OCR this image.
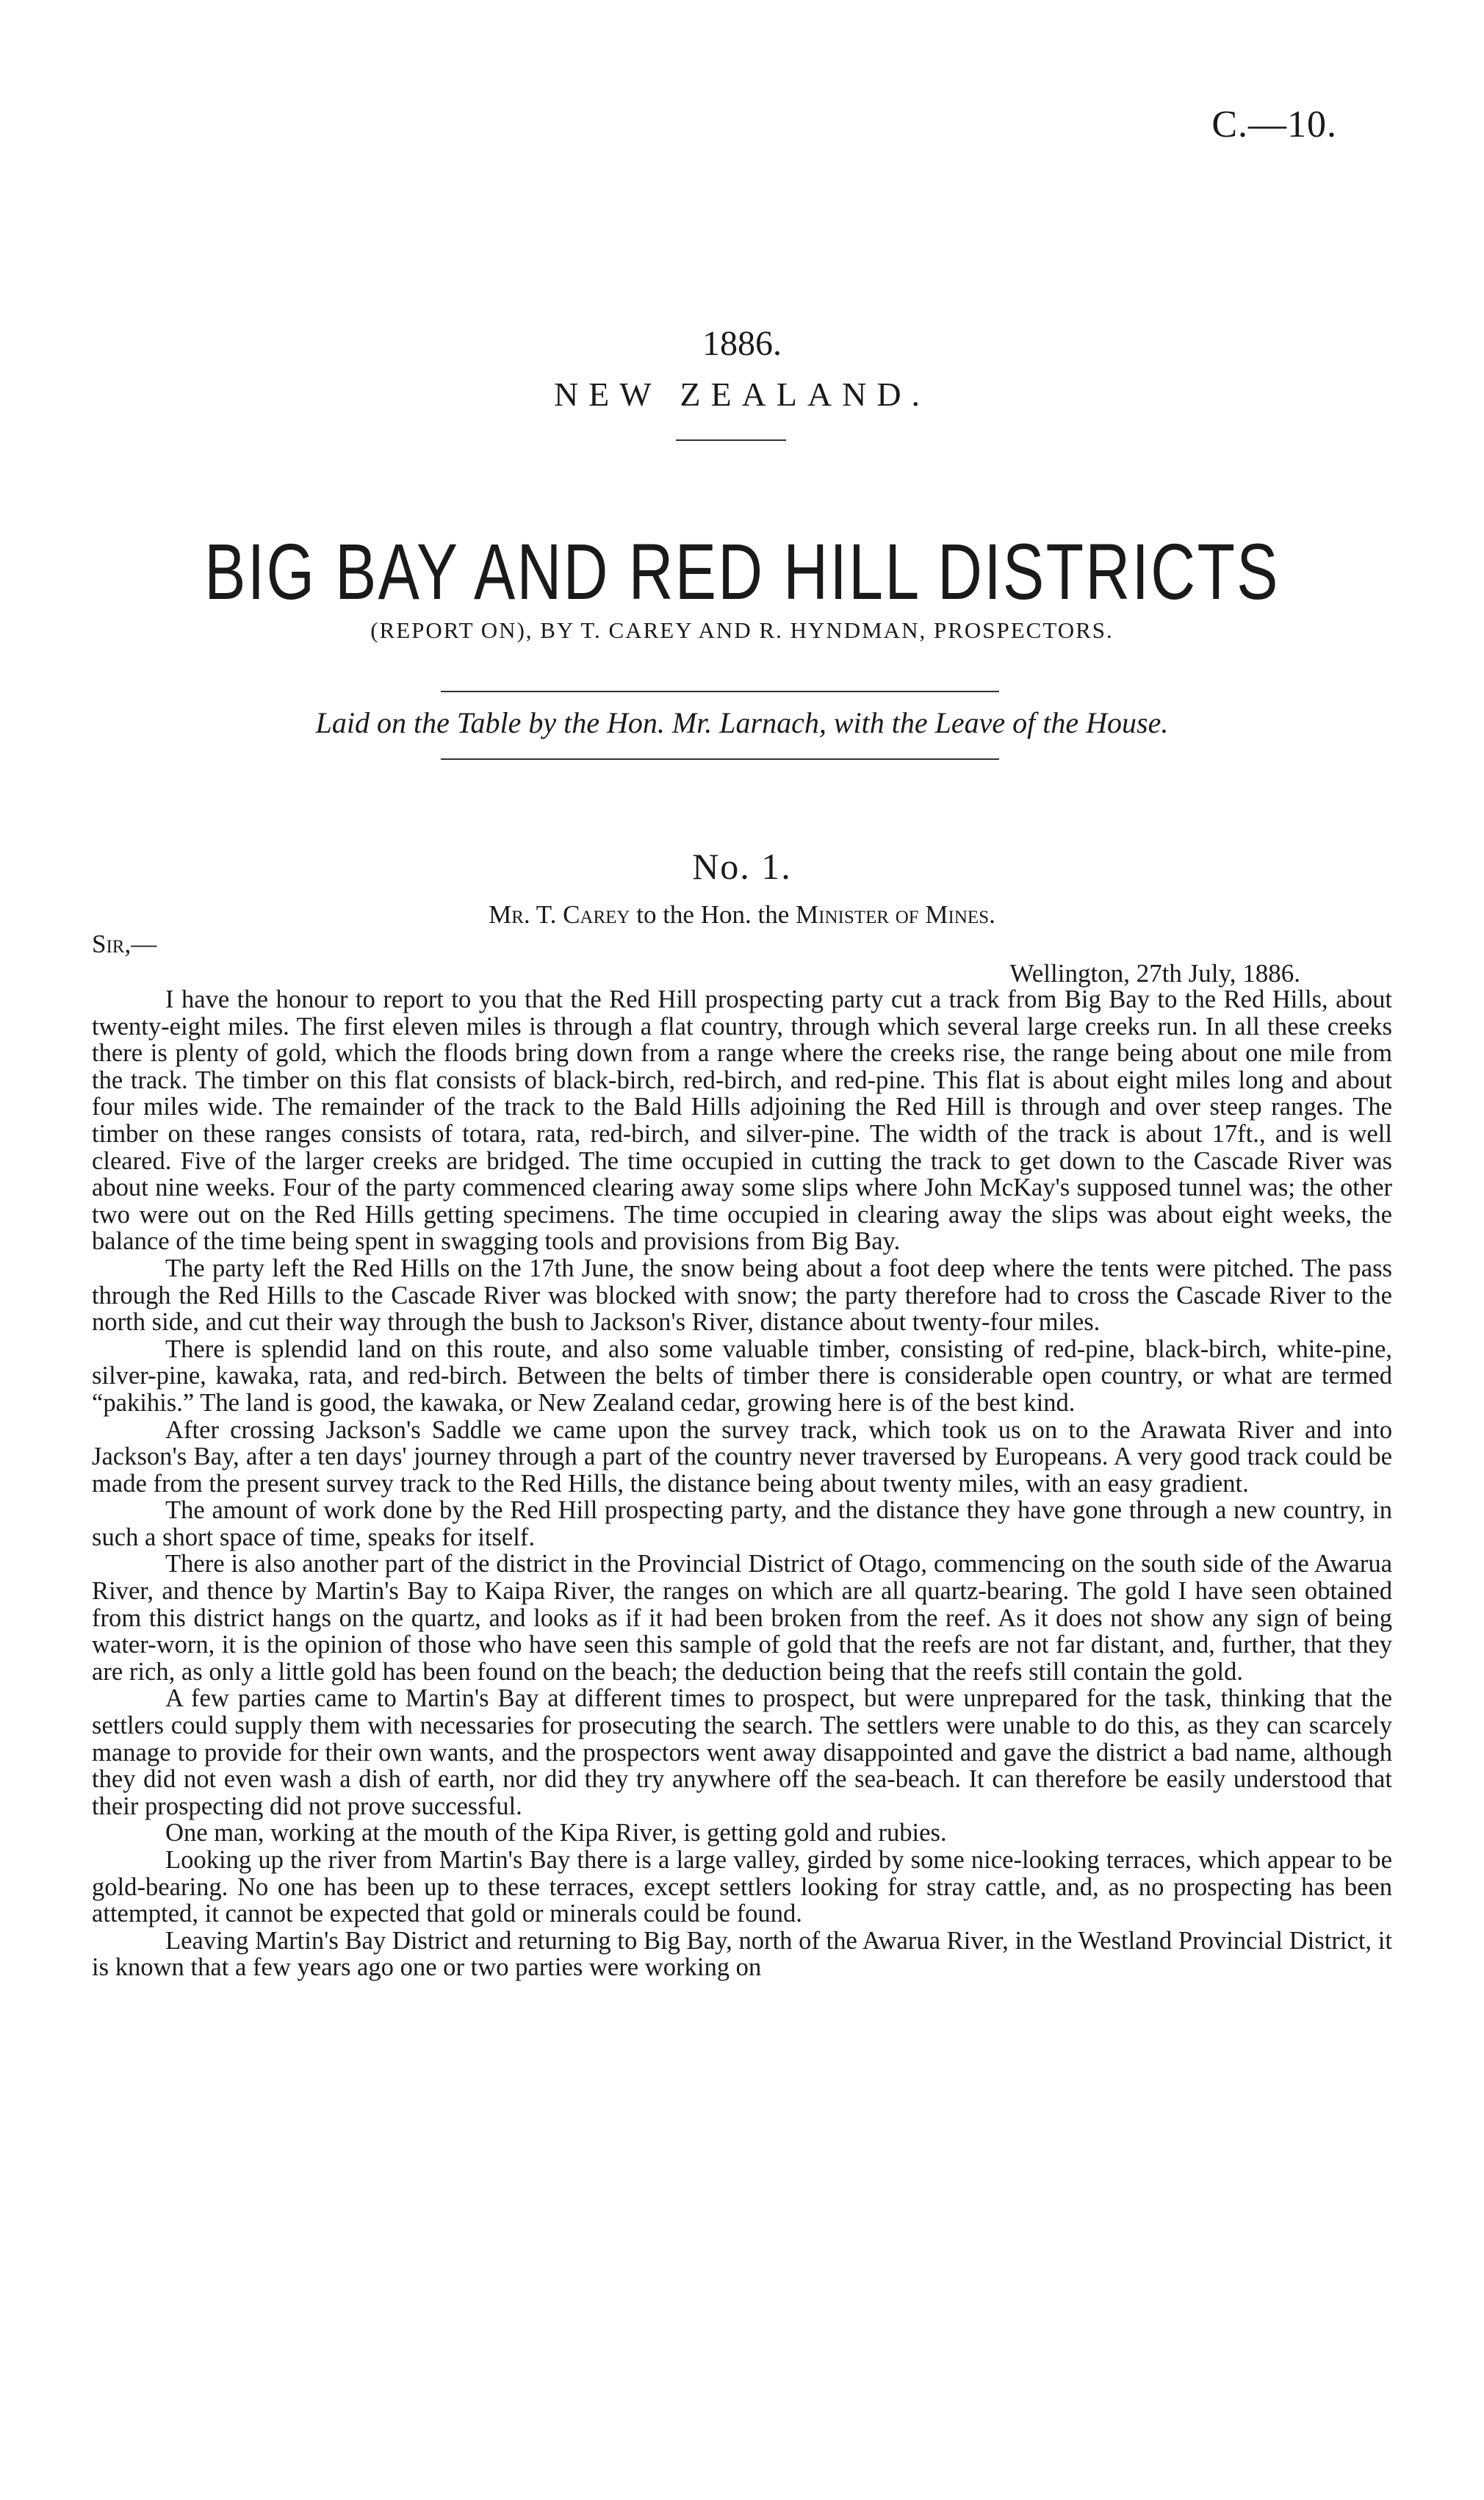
C.—10.
1886.
NEW ZEALAND.
BIG BAY AND RED HILL DISTRICTS
(REPORT ON), BY T. CAREY AND R. HYNDMAN, PROSPECTORS.
Laid on the Table by the Hon. Mr. Larnach, with the Leave of the House.
No. 1.
Mr. T. Carey to the Hon. the Minister of Mines.
Sir,—
Wellington, 27th July, 1886.

I have the honour to report to you that the Red Hill prospecting party cut a track from Big Bay to the Red Hills, about twenty-eight miles. The first eleven miles is through a flat country, through which several large creeks run. In all these creeks there is plenty of gold, which the floods bring down from a range where the creeks rise, the range being about one mile from the track. The timber on this flat consists of black-birch, red-birch, and red-pine. This flat is about eight miles long and about four miles wide. The remainder of the track to the Bald Hills adjoining the Red Hill is through and over steep ranges. The timber on these ranges consists of totara, rata, red-birch, and silver-pine. The width of the track is about 17ft., and is well cleared. Five of the larger creeks are bridged. The time occupied in cutting the track to get down to the Cascade River was about nine weeks. Four of the party commenced clearing away some slips where John McKay's supposed tunnel was; the other two were out on the Red Hills getting specimens. The time occupied in clearing away the slips was about eight weeks, the balance of the time being spent in swagging tools and provisions from Big Bay.

The party left the Red Hills on the 17th June, the snow being about a foot deep where the tents were pitched. The pass through the Red Hills to the Cascade River was blocked with snow; the party therefore had to cross the Cascade River to the north side, and cut their way through the bush to Jackson's River, distance about twenty-four miles.

There is splendid land on this route, and also some valuable timber, consisting of red-pine, black-birch, white-pine, silver-pine, kawaka, rata, and red-birch. Between the belts of timber there is considerable open country, or what are termed “pakihis.” The land is good, the kawaka, or New Zealand cedar, growing here is of the best kind.

After crossing Jackson's Saddle we came upon the survey track, which took us on to the Arawata River and into Jackson's Bay, after a ten days' journey through a part of the country never traversed by Europeans. A very good track could be made from the present survey track to the Red Hills, the distance being about twenty miles, with an easy gradient.

The amount of work done by the Red Hill prospecting party, and the distance they have gone through a new country, in such a short space of time, speaks for itself.

There is also another part of the district in the Provincial District of Otago, commencing on the south side of the Awarua River, and thence by Martin's Bay to Kaipa River, the ranges on which are all quartz-bearing. The gold I have seen obtained from this district hangs on the quartz, and looks as if it had been broken from the reef. As it does not show any sign of being water-worn, it is the opinion of those who have seen this sample of gold that the reefs are not far distant, and, further, that they are rich, as only a little gold has been found on the beach; the deduction being that the reefs still contain the gold.

A few parties came to Martin's Bay at different times to prospect, but were unprepared for the task, thinking that the settlers could supply them with necessaries for prosecuting the search. The settlers were unable to do this, as they can scarcely manage to provide for their own wants, and the prospectors went away disappointed and gave the district a bad name, although they did not even wash a dish of earth, nor did they try anywhere off the sea-beach. It can therefore be easily understood that their prospecting did not prove successful.

One man, working at the mouth of the Kipa River, is getting gold and rubies.

Looking up the river from Martin's Bay there is a large valley, girded by some nice-looking terraces, which appear to be gold-bearing. No one has been up to these terraces, except settlers looking for stray cattle, and, as no prospecting has been attempted, it cannot be expected that gold or minerals could be found.

Leaving Martin's Bay District and returning to Big Bay, north of the Awarua River, in the Westland Provincial District, it is known that a few years ago one or two parties were working on
